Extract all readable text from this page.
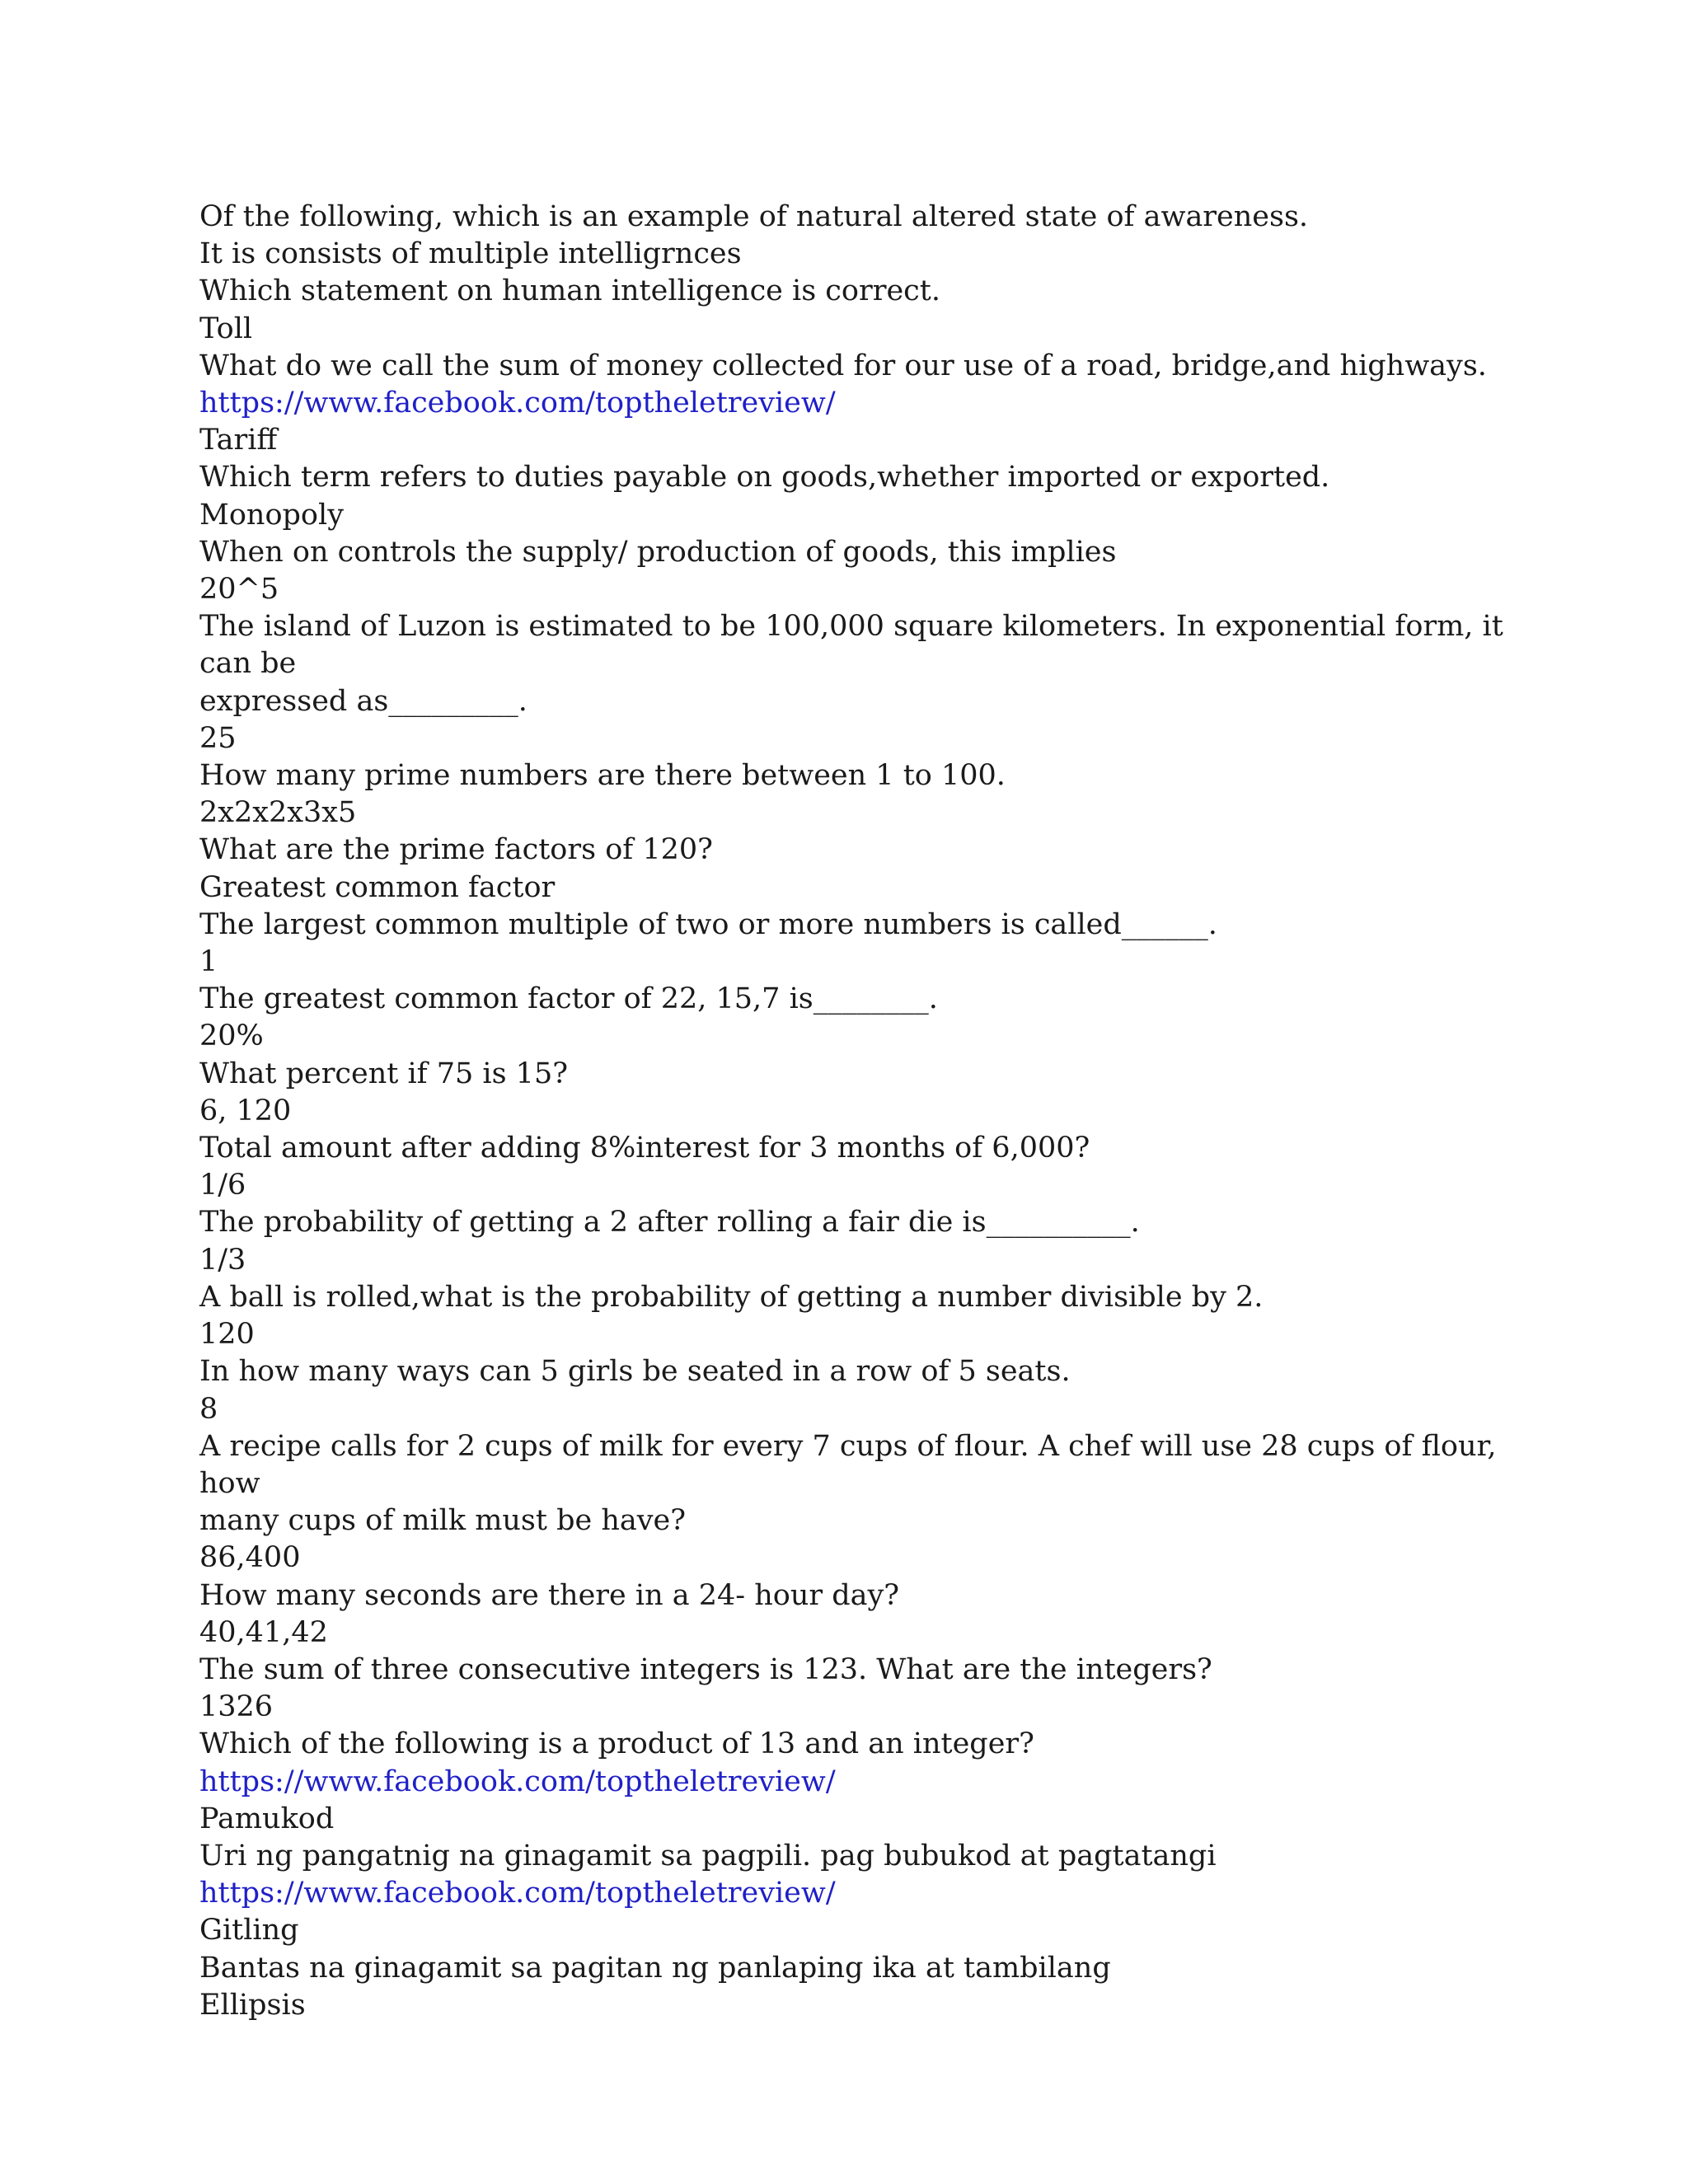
Of the following, which is an example of natural altered state of awareness.

It is consists of multiple intelligrnces

Which statement on human intelligence is correct.

Toll

What do we call the sum of money collected for our use of a road, bridge,and highways.

https://www.facebook.com/toptheletreview/

Tariff

Which term refers to duties payable on goods,whether imported or exported.

Monopoly

When on controls the supply/ production of goods, this implies

20^5

The island of Luzon is estimated to be 100,000 square kilometers. In exponential form, it can be

expressed as_________.

25

How many prime numbers are there between 1 to 100.

2x2x2x3x5

What are the prime factors of 120?

Greatest common factor

The largest common multiple of two or more numbers is called______.

1

The greatest common factor of 22, 15,7 is________.

20%

What percent if 75 is 15?

6, 120

Total amount after adding 8%interest for 3 months of 6,000?

1/6

The probability of getting a 2 after rolling a fair die is__________.

1/3

A ball is rolled,what is the probability of getting a number divisible by 2.

120

In how many ways can 5 girls be seated in a row of 5 seats.

8

A recipe calls for 2 cups of milk for every 7 cups of flour. A chef will use 28 cups of flour, how

many cups of milk must be have?

86,400

How many seconds are there in a 24- hour day?

40,41,42

The sum of three consecutive integers is 123. What are the integers?

1326

Which of the following is a product of 13 and an integer?

https://www.facebook.com/toptheletreview/

Pamukod

Uri ng pangatnig na ginagamit sa pagpili. pag bubukod at pagtatangi

https://www.facebook.com/toptheletreview/

Gitling

Bantas na ginagamit sa pagitan ng panlaping ika at tambilang

Ellipsis
